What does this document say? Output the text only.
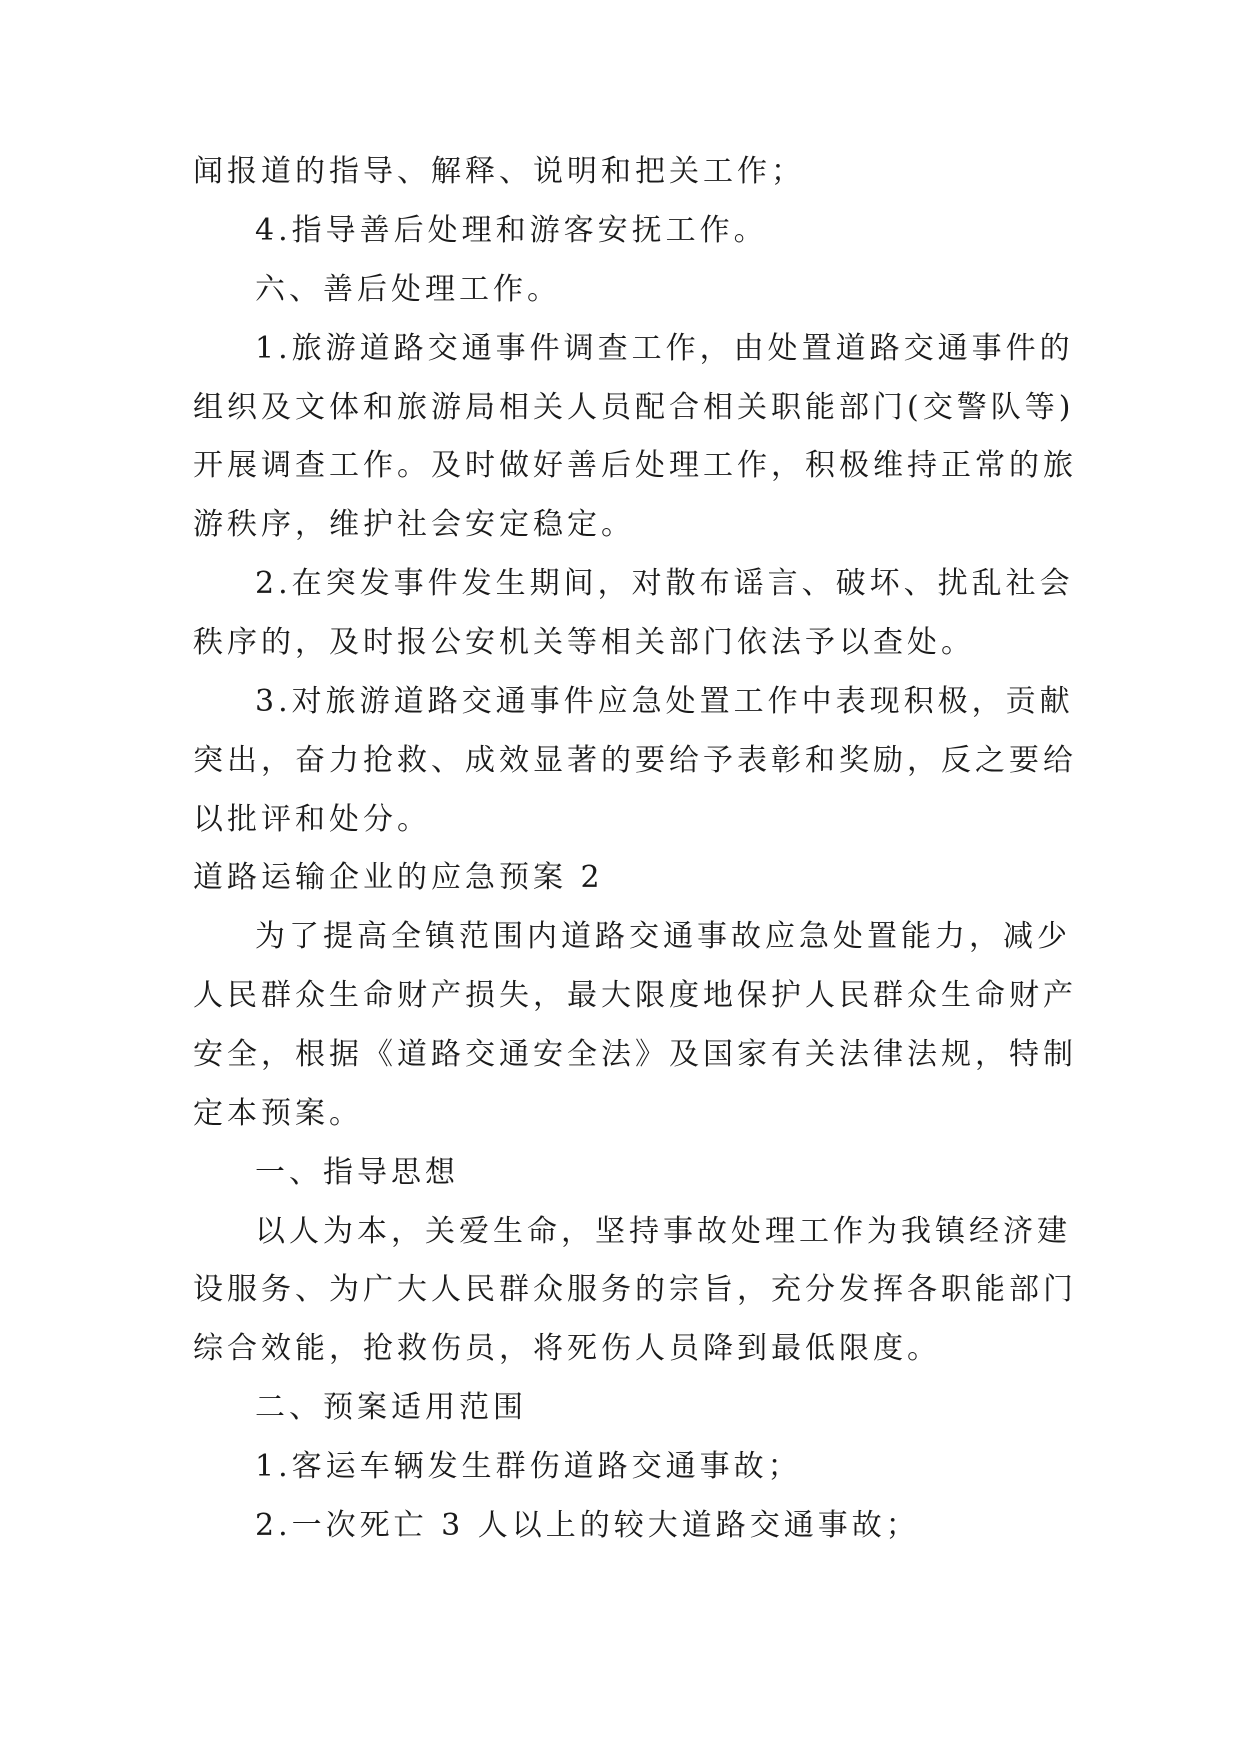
闻报道的指导、解释、说明和把关工作；

4.指导善后处理和游客安抚工作。

六、善后处理工作。

1.旅游道路交通事件调查工作，由处置道路交通事件的

组织及文体和旅游局相关人员配合相关职能部门(交警队等)

开展调查工作。及时做好善后处理工作，积极维持正常的旅

游秩序，维护社会安定稳定。

2.在突发事件发生期间，对散布谣言、破坏、扰乱社会

秩序的，及时报公安机关等相关部门依法予以查处。

3.对旅游道路交通事件应急处置工作中表现积极，贡献

突出，奋力抢救、成效显著的要给予表彰和奖励，反之要给

以批评和处分。

道路运输企业的应急预案 2

为了提高全镇范围内道路交通事故应急处置能力，减少

人民群众生命财产损失，最大限度地保护人民群众生命财产

安全，根据《道路交通安全法》及国家有关法律法规，特制

定本预案。

一、指导思想

以人为本，关爱生命，坚持事故处理工作为我镇经济建

设服务、为广大人民群众服务的宗旨，充分发挥各职能部门

综合效能，抢救伤员，将死伤人员降到最低限度。

二、预案适用范围

1.客运车辆发生群伤道路交通事故；

2.一次死亡 3 人以上的较大道路交通事故；
